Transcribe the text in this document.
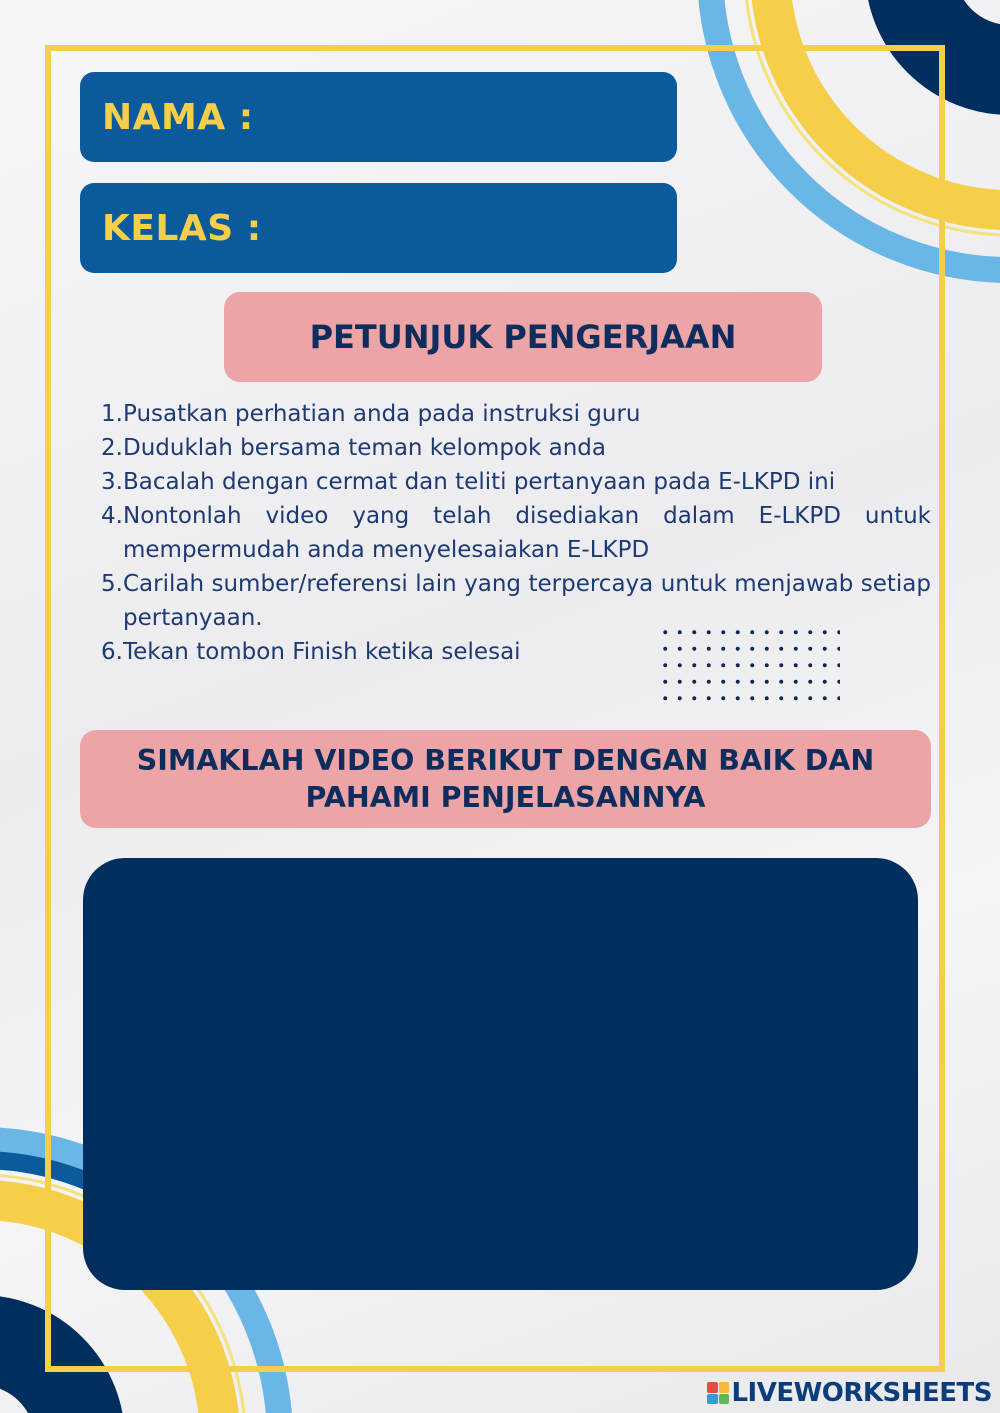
NAMA :
KELAS :
PETUNJUK PENGERJAAN
1. Pusatkan perhatian anda pada instruksi guru
2. Duduklah bersama teman kelompok anda
3. Bacalah dengan cermat dan teliti pertanyaan pada E-LKPD ini
4. Nontonlah video yang telah disediakan dalam E-LKPD untuk mempermudah anda menyelesaiakan E-LKPD
5. Carilah sumber/referensi lain yang terpercaya untuk menjawab setiap pertanyaan.
6. Tekan tombon Finish ketika selesai
SIMAKLAH VIDEO BERIKUT DENGAN BAIK DAN
PAHAMI PENJELASANNYA
LIVEWORKSHEETS
